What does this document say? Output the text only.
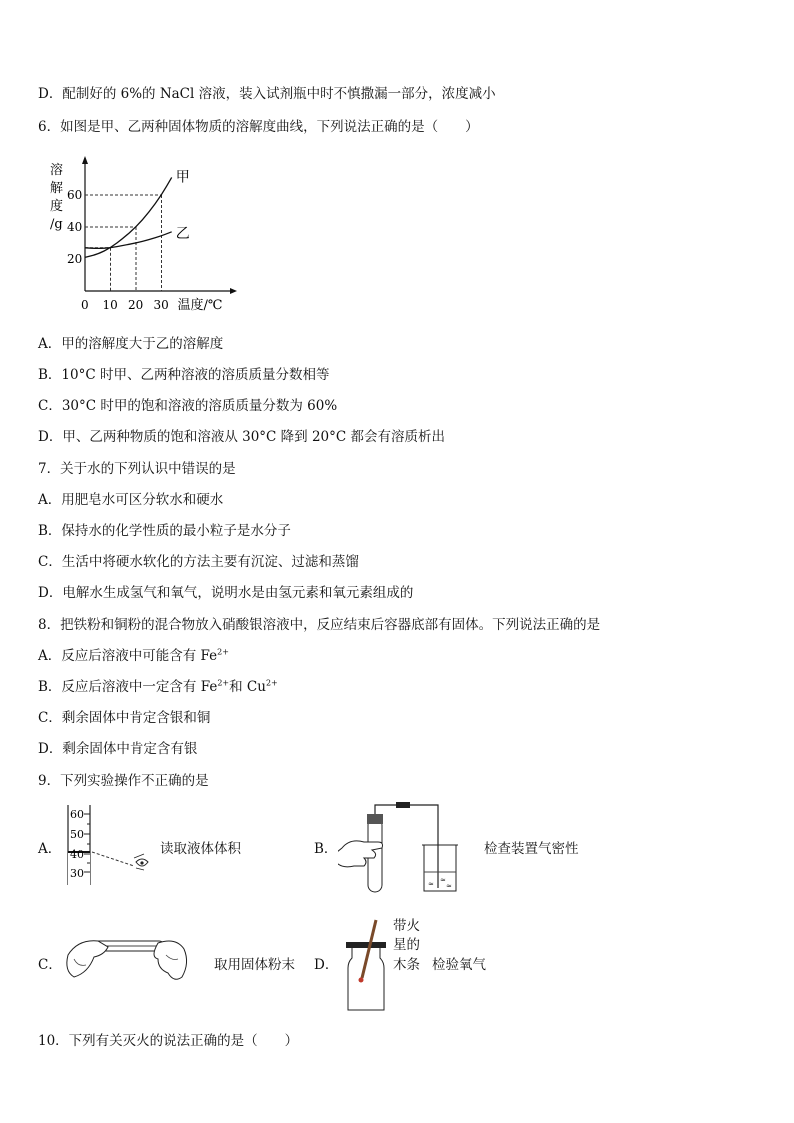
D．配制好的 6%的 NaCl 溶液，装入试剂瓶中时不慎撒漏一部分，浓度减小
6．如图是甲、乙两种固体物质的溶解度曲线，下列说法正确的是（　　）
溶
解
度
/g
0 10 20 30
20
40
60
温度/℃
甲
乙
A．甲的溶解度大于乙的溶解度
B．10°C 时甲、乙两种溶液的溶质质量分数相等
C．30°C 时甲的饱和溶液的溶质质量分数为 60%
D．甲、乙两种物质的饱和溶液从 30°C 降到 20°C 都会有溶质析出
7．关于水的下列认识中错误的是
A．用肥皂水可区分软水和硬水
B．保持水的化学性质的最小粒子是水分子
C．生活中将硬水软化的方法主要有沉淀、过滤和蒸馏
D．电解水生成氢气和氧气，说明水是由氢元素和氧元素组成的
8．把铁粉和铜粉的混合物放入硝酸银溶液中，反应结束后容器底部有固体。下列说法正确的是
A．反应后溶液中可能含有 $Fe^{2+}$
B．反应后溶液中一定含有 $Fe^{2+}$和 $Cu^{2+}$
C．剩余固体中肯定含银和铜
D．剩余固体中肯定含有银
9．下列实验操作不正确的是
A．
60
50
40
30
读取液体体积	B．
≈ ≈
≈
检查装置气密性
C．	取用固体粉末 D．
带火
星的
木条 检验氧气
10．下列有关灭火的说法正确的是（　　）
